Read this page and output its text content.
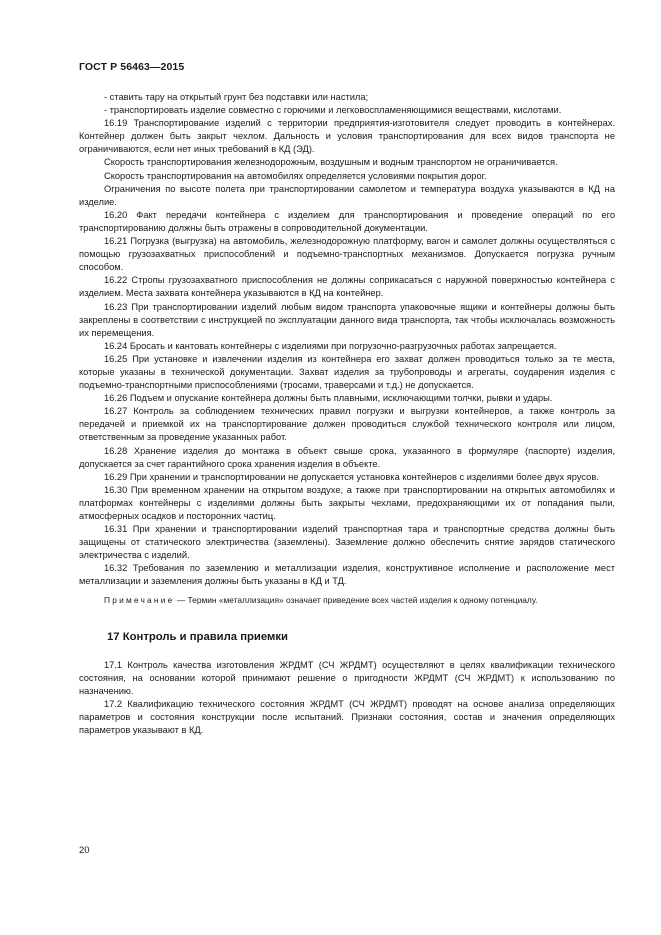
ГОСТ Р 56463—2015

- ставить тару на открытый грунт без подставки или настила;

- транспортировать изделие совместно с горючими и легковоспламеняющимися веществами, кислотами.

16.19 Транспортирование изделий с территории предприятия-изготовителя следует проводить в контейнерах. Контейнер должен быть закрыт чехлом. Дальность и условия транспортирования для всех видов транспорта не ограничиваются, если нет иных требований в КД (ЭД).

Скорость транспортирования железнодорожным, воздушным и водным транспортом не ограничивается.

Скорость транспортирования на автомобилях определяется условиями покрытия дорог.

Ограничения по высоте полета при транспортировании самолетом и температура воздуха указываются в КД на изделие.

16.20 Факт передачи контейнера с изделием для транспортирования и проведение операций по его транспортированию должны быть отражены в сопроводительной документации.

16.21 Погрузка (выгрузка) на автомобиль, железнодорожную платформу, вагон и самолет должны осуществляться с помощью грузозахватных приспособлений и подъемно-транспортных механизмов. Допускается погрузка ручным способом.

16.22 Стропы грузозахватного приспособления не должны соприкасаться с наружной поверхностью контейнера с изделием. Места захвата контейнера указываются в КД на контейнер.

16.23 При транспортировании изделий любым видом транспорта упаковочные ящики и контейнеры должны быть закреплены в соответствии с инструкцией по эксплуатации данного вида транспорта, так чтобы исключалась возможность их перемещения.

16.24 Бросать и кантовать контейнеры с изделиями при погрузочно-разгрузочных работах запрещается.

16.25 При установке и извлечении изделия из контейнера его захват должен проводиться только за те места, которые указаны в технической документации. Захват изделия за трубопроводы и агрегаты, соударения изделия с подъемно-транспортными приспособлениями (тросами, траверсами и т.д.) не допускается.

16.26 Подъем и опускание контейнера должны быть плавными, исключающими толчки, рывки и удары.

16.27 Контроль за соблюдением технических правил погрузки и выгрузки контейнеров, а также контроль за передачей и приемкой их на транспортирование должен проводиться службой технического контроля или лицом, ответственным за проведение указанных работ.

16.28 Хранение изделия до монтажа в объект свыше срока, указанного в формуляре (паспорте) изделия, допускается за счет гарантийного срока хранения изделия в объекте.

16.29 При хранении и транспортировании не допускается установка контейнеров с изделиями более двух ярусов.

16.30 При временном хранении на открытом воздухе, а также при транспортировании на открытых автомобилях и платформах контейнеры с изделиями должны быть закрыты чехлами, предохраняющими их от попадания пыли, атмосферных осадков и посторонних частиц.

16.31 При хранении и транспортировании изделий транспортная тара и транспортные средства должны быть защищены от статического электричества (заземлены). Заземление должно обеспечить снятие зарядов статического электричества с изделий.

16.32 Требования по заземлению и металлизации изделия, конструктивное исполнение и расположение мест металлизации и заземления должны быть указаны в КД и ТД.

Примечание — Термин «металлизация» означает приведение всех частей изделия к одному потенциалу.

17 Контроль и правила приемки

17.1 Контроль качества изготовления ЖРДМТ (СЧ ЖРДМТ) осуществляют в целях квалификации технического состояния, на основании которой принимают решение о пригодности ЖРДМТ (СЧ ЖРДМТ) к использованию по назначению.

17.2 Квалификацию технического состояния ЖРДМТ (СЧ ЖРДМТ) проводят на основе анализа определяющих параметров и состояния конструкции после испытаний. Признаки состояния, состав и значения определяющих параметров указывают в КД.

20
